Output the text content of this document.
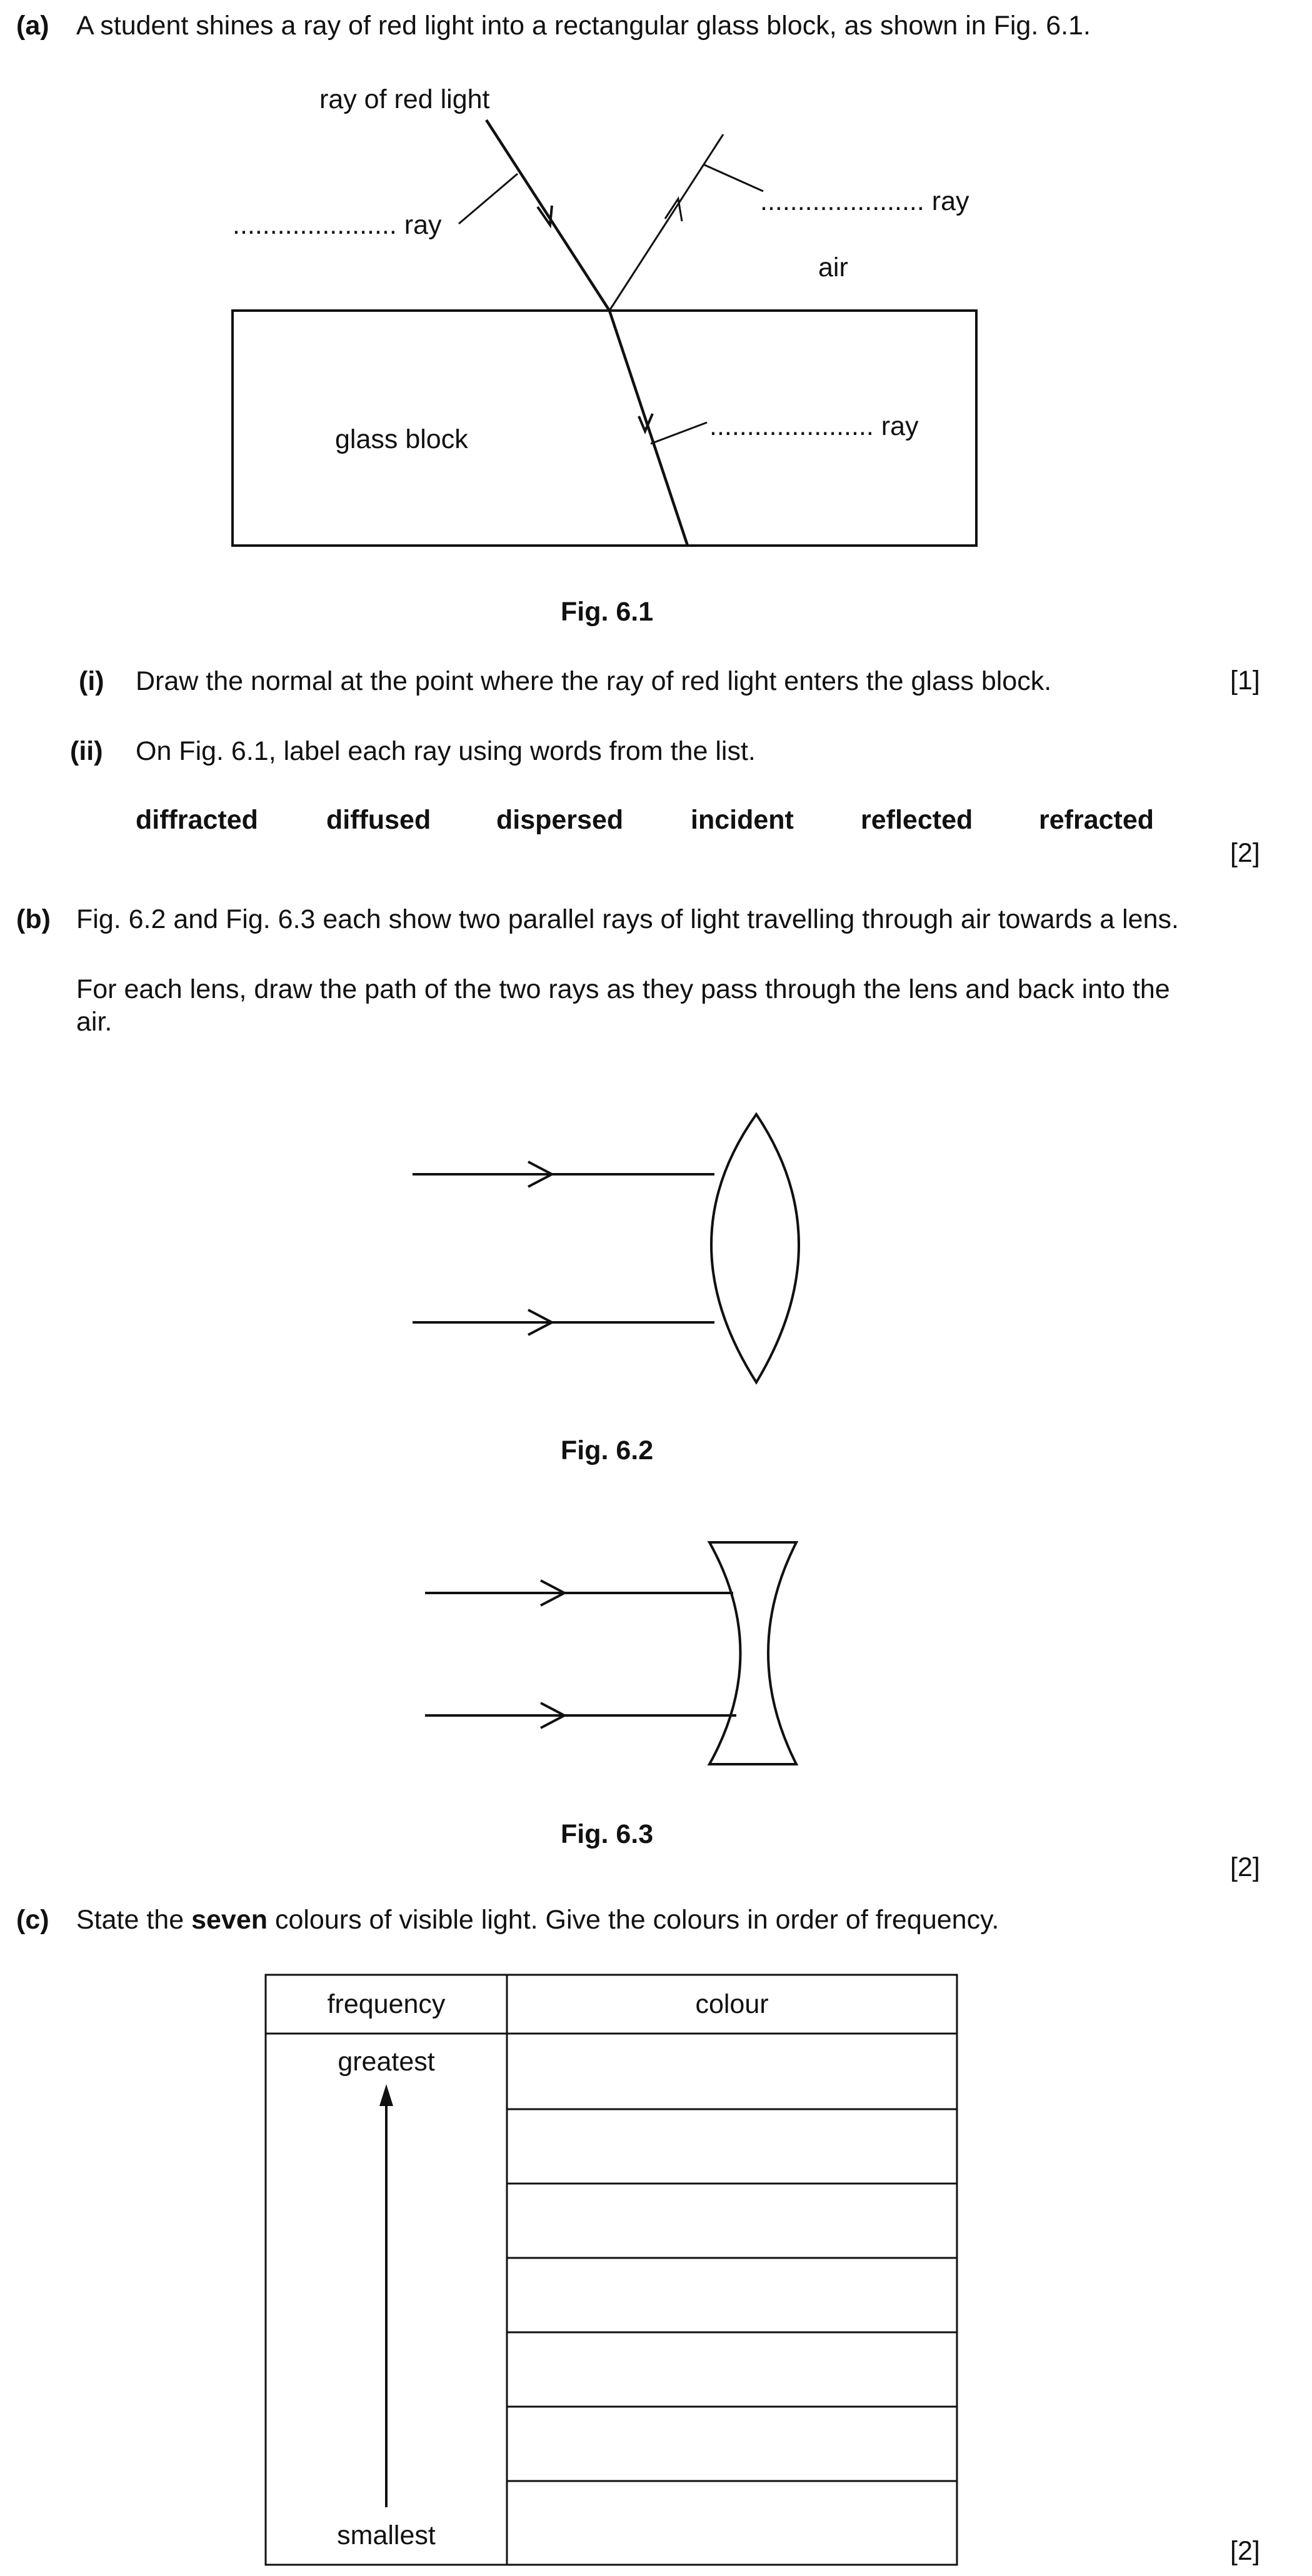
(a) A student shines a ray of red light into a rectangular glass block, as shown in Fig. 6.1.
ray of red light
...................... ray
...................... ray
air
glass block	...................... ray
Fig. 6.1
(i) Draw the normal at the point where the ray of red light enters the glass block.	[1]
(ii) On Fig. 6.1, label each ray using words from the list.
diffracted	diffused dispersed	incident reflected refracted
[2]
(b) Fig. 6.2 and Fig. 6.3 each show two parallel rays of light travelling through air towards a lens.
For each lens, draw the path of the two rays as they pass through the lens and back into the
air.
Fig. 6.2
Fig. 6.3
[2]
(c) State the seven colours of visible light. Give the colours in order of frequency.
frequency	colour
greatest
smallest
[2]
